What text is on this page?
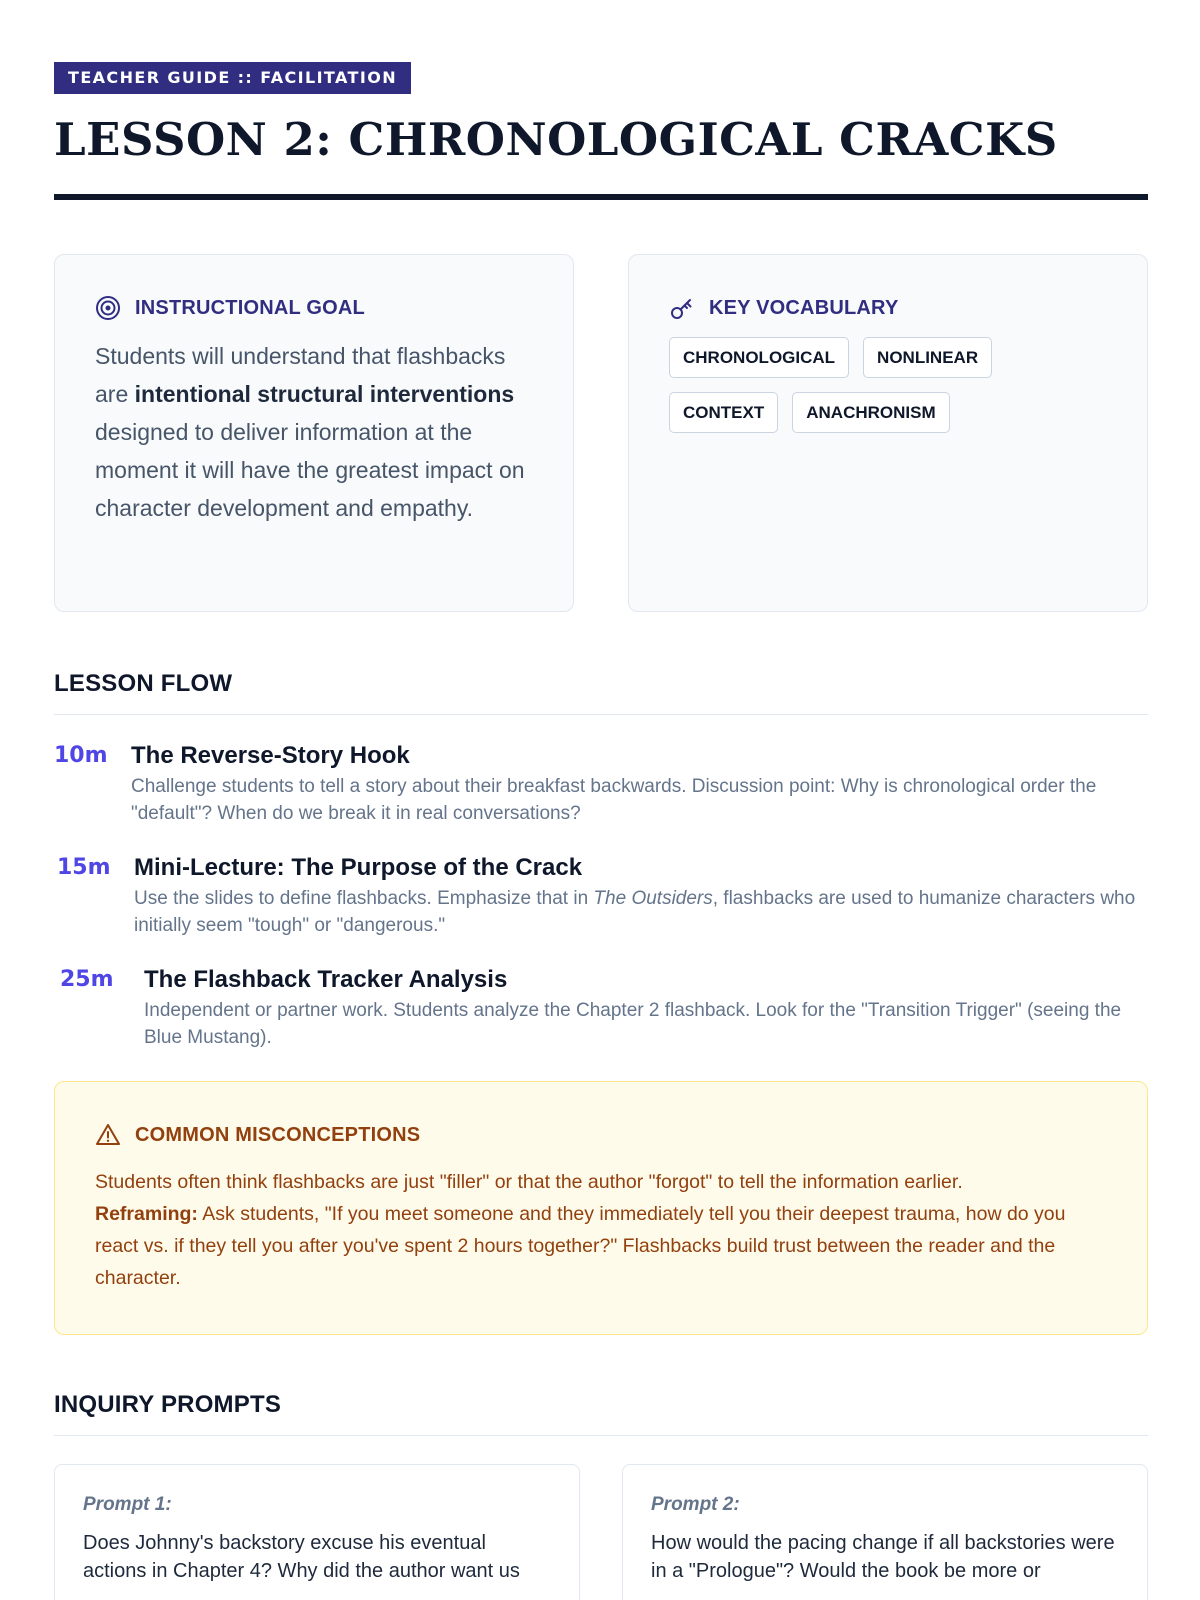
TEACHER GUIDE :: FACILITATION
LESSON 2: CHRONOLOGICAL CRACKS
INSTRUCTIONAL GOAL
Students will understand that flashbacks are intentional structural interventions designed to deliver information at the moment it will have the greatest impact on character development and empathy.
KEY VOCABULARY
CHRONOLOGICAL	NONLINEAR
CONTEXT	ANACHRONISM
LESSON FLOW
10m The Reverse-Story Hook
Challenge students to tell a story about their breakfast backwards. Discussion point: Why is chronological order the "default"? When do we break it in real conversations?
15m Mini-Lecture: The Purpose of the Crack
Use the slides to define flashbacks. Emphasize that in The Outsiders, flashbacks are used to humanize characters who initially seem "tough" or "dangerous."
25m	The Flashback Tracker Analysis
Independent or partner work. Students analyze the Chapter 2 flashback. Look for the "Transition Trigger" (seeing the Blue Mustang).
COMMON MISCONCEPTIONS
Students often think flashbacks are just "filler" or that the author "forgot" to tell the information earlier.
Reframing: Ask students, "If you meet someone and they immediately tell you their deepest trauma, how do you react vs. if they tell you after you've spent 2 hours together?" Flashbacks build trust between the reader and the character.
INQUIRY PROMPTS
Prompt 1:
Does Johnny's backstory excuse his eventual actions in Chapter 4? Why did the author want us
Prompt 2:
How would the pacing change if all backstories were in a "Prologue"? Would the book be more or
